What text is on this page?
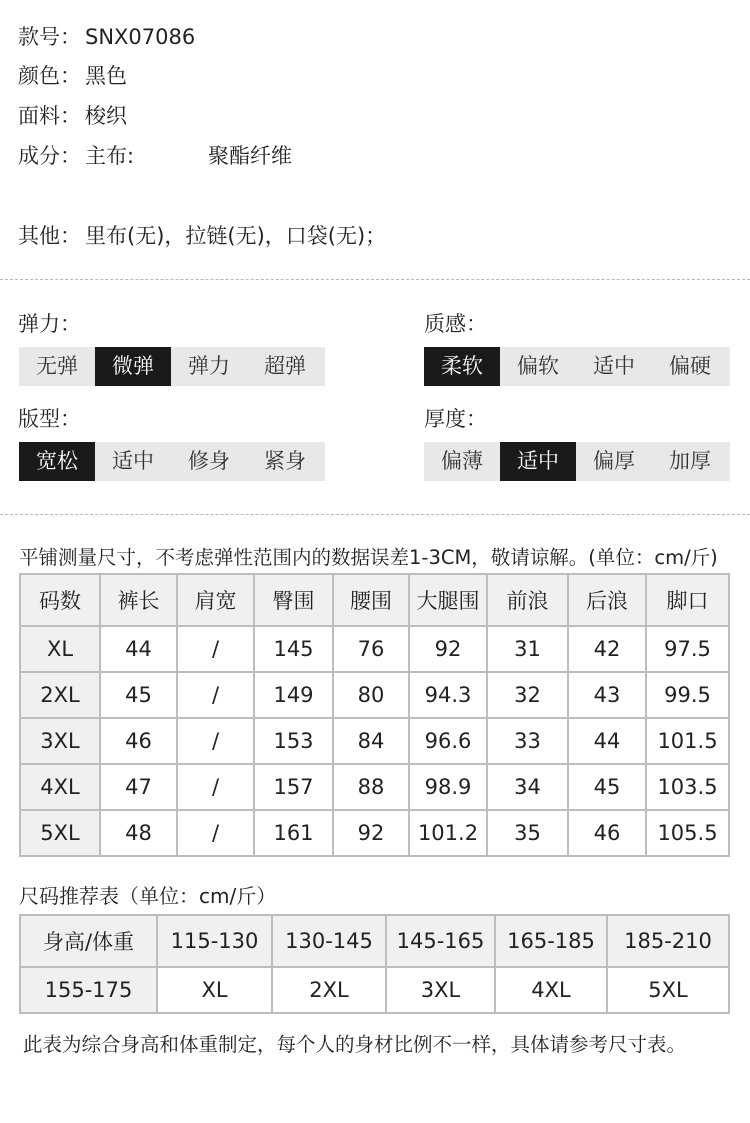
款号： SNX07086
颜色： 黑色
面料： 梭织
成分： 主布:	聚酯纤维
其他： 里布(无)，拉链(无)，口袋(无)；
弹力：
无弹	微弹	弹力	超弹
质感：
柔软	偏软	适中	偏硬
版型：
宽松	适中	修身	紧身
厚度：
偏薄	适中	偏厚	加厚
平铺测量尺寸，不考虑弹性范围内的数据误差1-3CM，敬请谅解。(单位：cm/斤)
码数	裤长	肩宽	臀围	腰围	大腿围	前浪	后浪	脚口
XL	44	/	145	76	92	31	42	97.5
2XL	45	/	149	80	94.3	32	43	99.5
3XL	46	/	153	84	96.6	33	44	101.5
4XL	47	/	157	88	98.9	34	45	103.5
5XL	48	/	161	92	101.2	35	46	105.5
尺码推荐表（单位：cm/斤）
身高/体重	115-130	130-145	145-165	165-185	185-210
155-175	XL	2XL	3XL	4XL	5XL
此表为综合身高和体重制定，每个人的身材比例不一样，具体请参考尺寸表。
